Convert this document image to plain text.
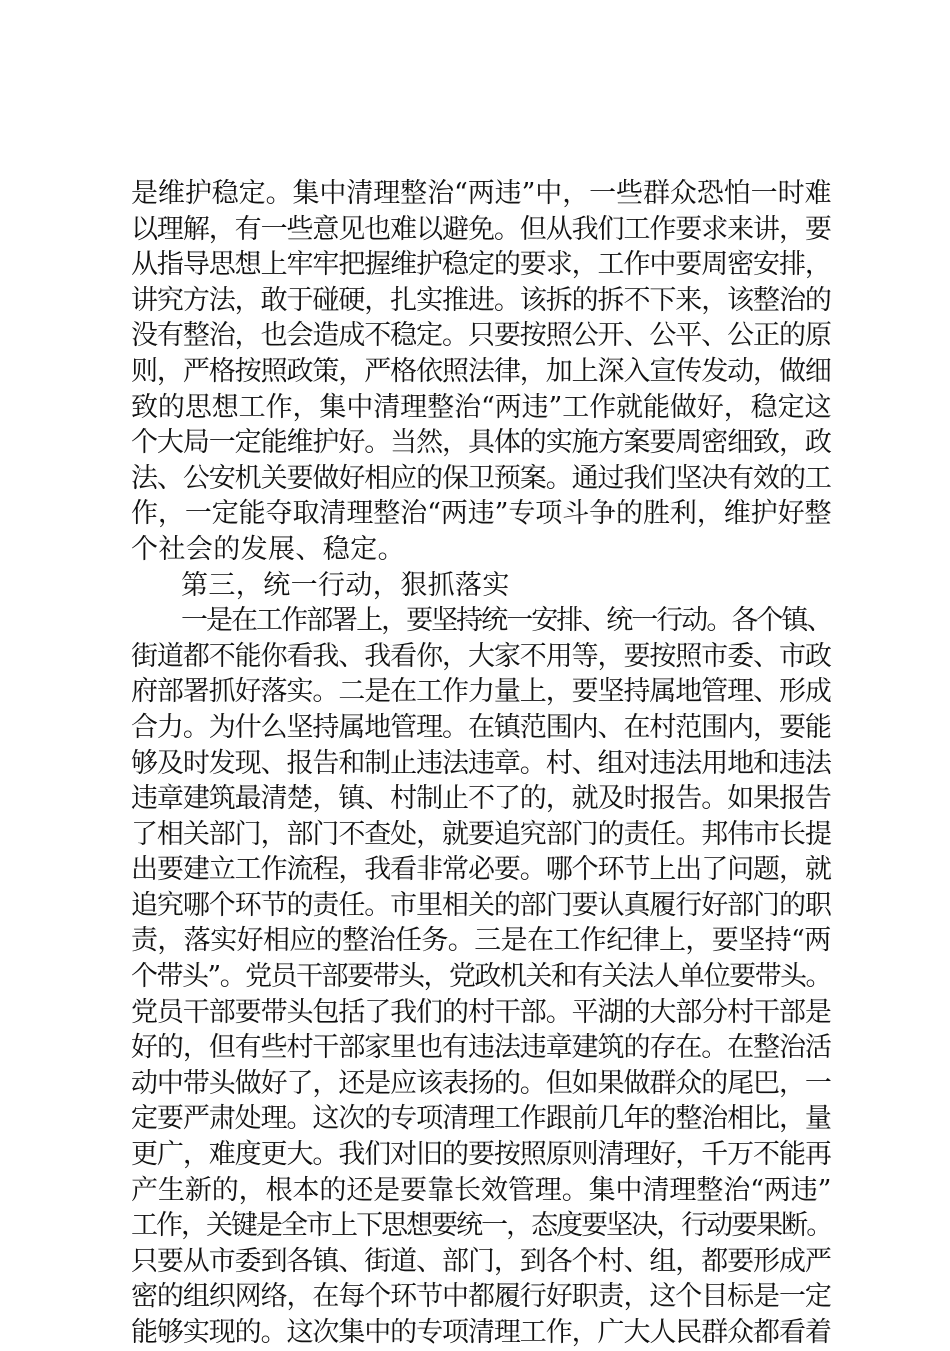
是维护稳定。集中清理整治“两违”中，一些群众恐怕一时难
以理解，有一些意见也难以避免。但从我们工作要求来讲，要
从指导思想上牢牢把握维护稳定的要求，工作中要周密安排，
讲究方法，敢于碰硬，扎实推进。该拆的拆不下来，该整治的
没有整治，也会造成不稳定。只要按照公开、公平、公正的原
则，严格按照政策，严格依照法律，加上深入宣传发动，做细
致的思想工作，集中清理整治“两违”工作就能做好，稳定这
个大局一定能维护好。当然，具体的实施方案要周密细致，政
法、公安机关要做好相应的保卫预案。通过我们坚决有效的工
作，一定能夺取清理整治“两违”专项斗争的胜利，维护好整
个社会的发展、稳定。
第三，统一行动，狠抓落实
一是在工作部署上，要坚持统一安排、统一行动。各个镇、
街道都不能你看我、我看你，大家不用等，要按照市委、市政
府部署抓好落实。二是在工作力量上，要坚持属地管理、形成
合力。为什么坚持属地管理。在镇范围内、在村范围内，要能
够及时发现、报告和制止违法违章。村、组对违法用地和违法
违章建筑最清楚，镇、村制止不了的，就及时报告。如果报告
了相关部门，部门不查处，就要追究部门的责任。邦伟市长提
出要建立工作流程，我看非常必要。哪个环节上出了问题，就
追究哪个环节的责任。市里相关的部门要认真履行好部门的职
责，落实好相应的整治任务。三是在工作纪律上，要坚持“两
个带头”。党员干部要带头，党政机关和有关法人单位要带头。
党员干部要带头包括了我们的村干部。平湖的大部分村干部是
好的，但有些村干部家里也有违法违章建筑的存在。在整治活
动中带头做好了，还是应该表扬的。但如果做群众的尾巴，一
定要严肃处理。这次的专项清理工作跟前几年的整治相比，量
更广，难度更大。我们对旧的要按照原则清理好，千万不能再
产生新的，根本的还是要靠长效管理。集中清理整治“两违”
工作，关键是全市上下思想要统一，态度要坚决，行动要果断。
只要从市委到各镇、街道、部门，到各个村、组，都要形成严
密的组织网络，在每个环节中都履行好职责，这个目标是一定
能够实现的。这次集中的专项清理工作，广大人民群众都看着
